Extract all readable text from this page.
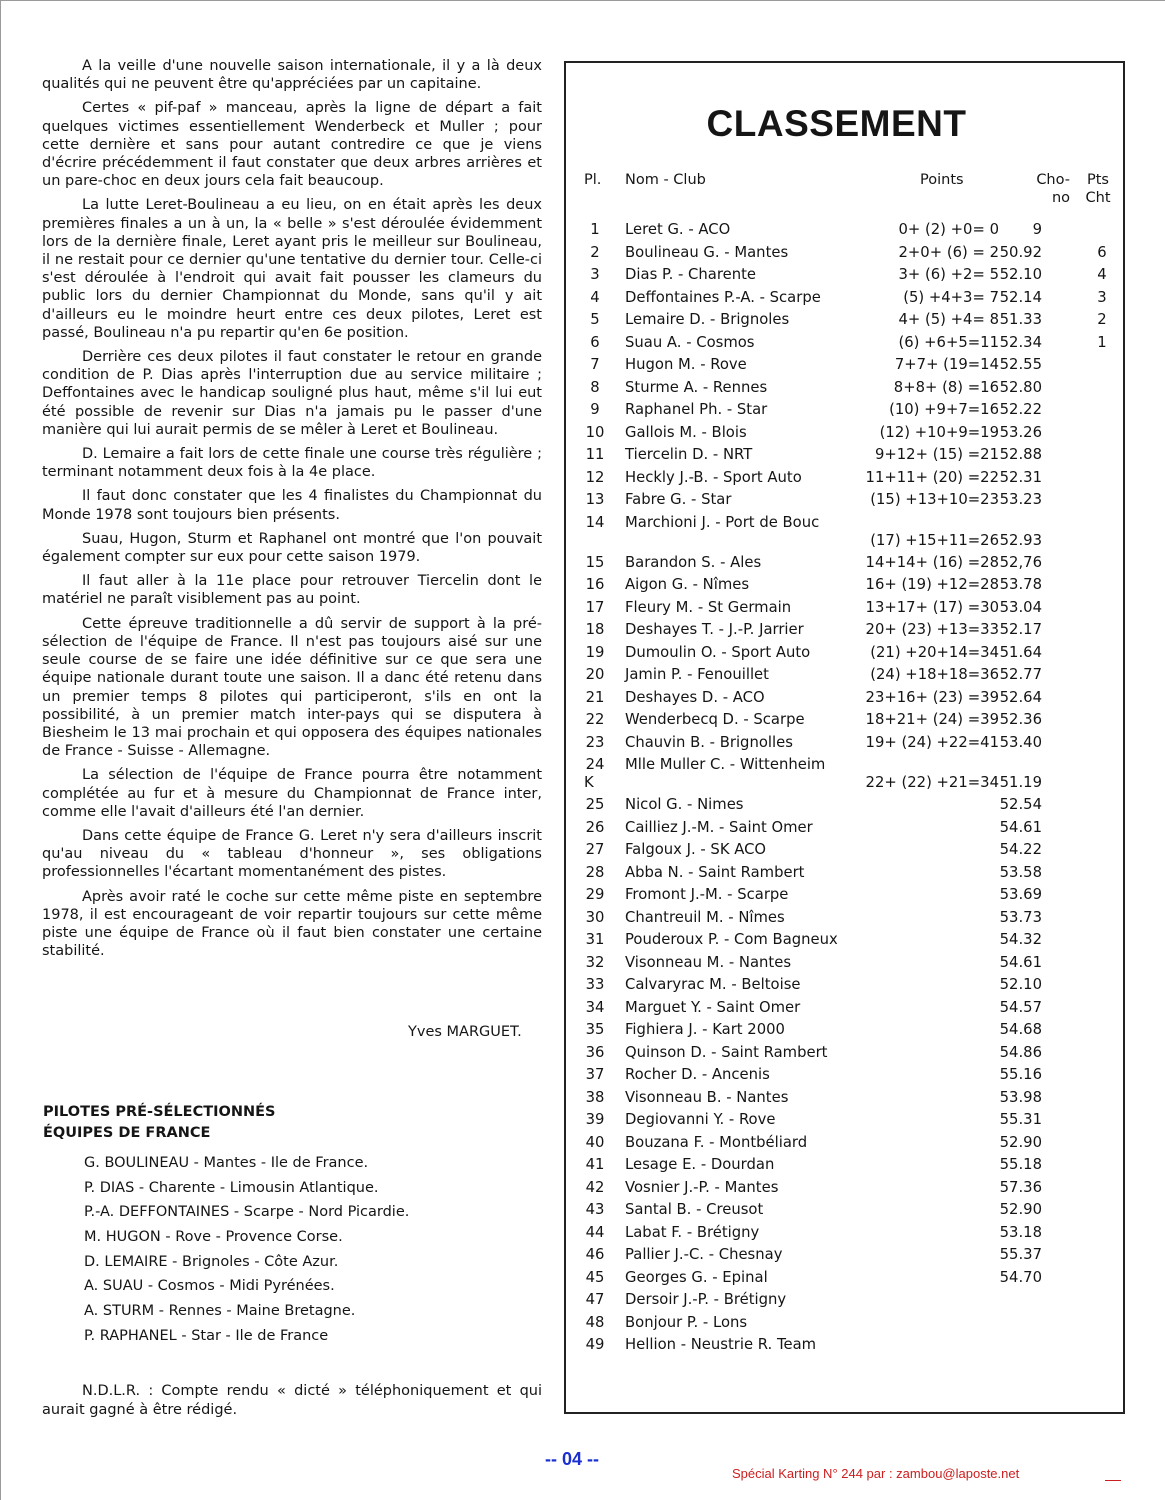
A la veille d'une nouvelle saison internationale, il y a là deux qualités qui ne peuvent être qu'appréciées par un capitaine.

Certes « pif-paf » manceau, après la ligne de départ a fait quelques victimes essentiellement Wenderbeck et Muller ; pour cette dernière et sans pour autant contredire ce que je viens d'écrire précédemment il faut constater que deux arbres arrières et un pare-choc en deux jours cela fait beaucoup.

La lutte Leret-Boulineau a eu lieu, on en était après les deux premières finales a un à un, la « belle » s'est déroulée évidemment lors de la dernière finale, Leret ayant pris le meilleur sur Boulineau, il ne restait pour ce dernier qu'une tentative du dernier tour. Celle-ci s'est déroulée à l'endroit qui avait fait pousser les clameurs du public lors du dernier Championnat du Monde, sans qu'il y ait d'ailleurs eu le moindre heurt entre ces deux pilotes, Leret est passé, Boulineau n'a pu repartir qu'en 6e position.

Derrière ces deux pilotes il faut constater le retour en grande condition de P. Dias après l'interruption due au service militaire ; Deffontaines avec le handicap souligné plus haut, même s'il lui eut été possible de revenir sur Dias n'a jamais pu le passer d'une manière qui lui aurait permis de se mêler à Leret et Boulineau.

D. Lemaire a fait lors de cette finale une course très régulière ; terminant notamment deux fois à la 4e place.

Il faut donc constater que les 4 finalistes du Championnat du Monde 1978 sont toujours bien présents.

Suau, Hugon, Sturm et Raphanel ont montré que l'on pouvait également compter sur eux pour cette saison 1979.

Il faut aller à la 11e place pour retrouver Tiercelin dont le matériel ne paraît visiblement pas au point.

Cette épreuve traditionnelle a dû servir de support à la pré-sélection de l'équipe de France. Il n'est pas toujours aisé sur une seule course de se faire une idée définitive sur ce que sera une équipe nationale durant toute une saison. Il a danc été retenu dans un premier temps 8 pilotes qui participeront, s'ils en ont la possibilité, à un premier match inter-pays qui se disputera à Biesheim le 13 mai prochain et qui opposera des équipes nationales de France - Suisse - Allemagne.

La sélection de l'équipe de France pourra être notamment complétée au fur et à mesure du Championnat de France inter, comme elle l'avait d'ailleurs été l'an dernier.

Dans cette équipe de France G. Leret n'y sera d'ailleurs inscrit qu'au niveau du « tableau d'honneur », ses obligations professionnelles l'écartant momentanément des pistes.

Après avoir raté le coche sur cette même piste en septembre 1978, il est encourageant de voir repartir toujours sur cette même piste une équipe de France où il faut bien constater une certaine stabilité.

Yves MARGUET.
PILOTES PRÉ-SÉLECTIONNÉS
ÉQUIPES DE FRANCE
G. BOULINEAU - Mantes - Ile de France.
P. DIAS - Charente - Limousin Atlantique.
P.-A. DEFFONTAINES - Scarpe - Nord Picardie.
M. HUGON - Rove - Provence Corse.
D. LEMAIRE - Brignoles - Côte Azur.
A. SUAU - Cosmos - Midi Pyrénées.
A. STURM - Rennes - Maine Bretagne.
P. RAPHANEL - Star - Ile de France
N.D.L.R. : Compte rendu « dicté » téléphoniquement et qui aurait gagné à être rédigé.
CLASSEMENT
Pl. Nom - Club	Points	Cho-
no
Pts
Cht
1	Leret G. - ACO	0+ (2) +0= 0	9
2	Boulineau G. - Mantes	2+0+ (6) = 2 50.92	6
3	Dias P. - Charente	3+ (6) +2= 5 52.10	4
4	Deffontaines P.-A. - Scarpe	(5) +4+3= 7 52.14	3
5	Lemaire D. - Brignoles	4+ (5) +4= 8 51.33	2
6	Suau A. - Cosmos	(6) +6+5=11 52.34	1
7	Hugon M. - Rove	7+7+ (19=14 52.55
8	Sturme A. - Rennes	8+8+ (8) =16 52.80
9	Raphanel Ph. - Star	(10) +9+7=16 52.22
10	Gallois M. - Blois	(12) +10+9=19 53.26
11	Tiercelin D. - NRT	9+12+ (15) =21 52.88
12	Heckly J.-B. - Sport Auto	11+11+ (20) =22 52.31
13	Fabre G. - Star	(15) +13+10=23 53.23
14	Marchioni J. - Port de Bouc
(17) +15+11=26 52.93
15	Barandon S. - Ales	14+14+ (16) =28 52,76
16	Aigon G. - Nîmes	16+ (19) +12=28 53.78
17	Fleury M. - St Germain	13+17+ (17) =30 53.04
18	Deshayes T. - J.-P. Jarrier	20+ (23) +13=33 52.17
19	Dumoulin O. - Sport Auto	(21) +20+14=34 51.64
20	Jamin P. - Fenouillet	(24) +18+18=36 52.77
21	Deshayes D. - ACO	23+16+ (23) =39 52.64
22	Wenderbecq D. - Scarpe	18+21+ (24) =39 52.36
23	Chauvin B. - Brignolles	19+ (24) +22=41 53.40
24	Mlle Muller C. - Wittenheim
22+ (22) +21=34 51.19
K
25	Nicol G. - Nimes	52.54
26	Cailliez J.-M. - Saint Omer	54.61
27	Falgoux J. - SK ACO	54.22
28	Abba N. - Saint Rambert	53.58
29	Fromont J.-M. - Scarpe	53.69
30	Chantreuil M. - Nîmes	53.73
31	Pouderoux P. - Com Bagneux	54.32
32	Visonneau M. - Nantes	54.61
33	Calvaryrac M. - Beltoise	52.10
34	Marguet Y. - Saint Omer	54.57
35	Fighiera J. - Kart 2000	54.68
36	Quinson D. - Saint Rambert	54.86
37	Rocher D. - Ancenis	55.16
38	Visonneau B. - Nantes	53.98
39	Degiovanni Y. - Rove	55.31
40	Bouzana F. - Montbéliard	52.90
41	Lesage E. - Dourdan	55.18
42	Vosnier J.-P. - Mantes	57.36
43	Santal B. - Creusot	52.90
44	Labat F. - Brétigny	53.18
46	Pallier J.-C. - Chesnay	55.37
45	Georges G. - Epinal	54.70
47	Dersoir J.-P. - Brétigny
48	Bonjour P. - Lons
49	Hellion - Neustrie R. Team
-- 04 --
Spécial Karting N° 244 par : zambou@laposte.net
